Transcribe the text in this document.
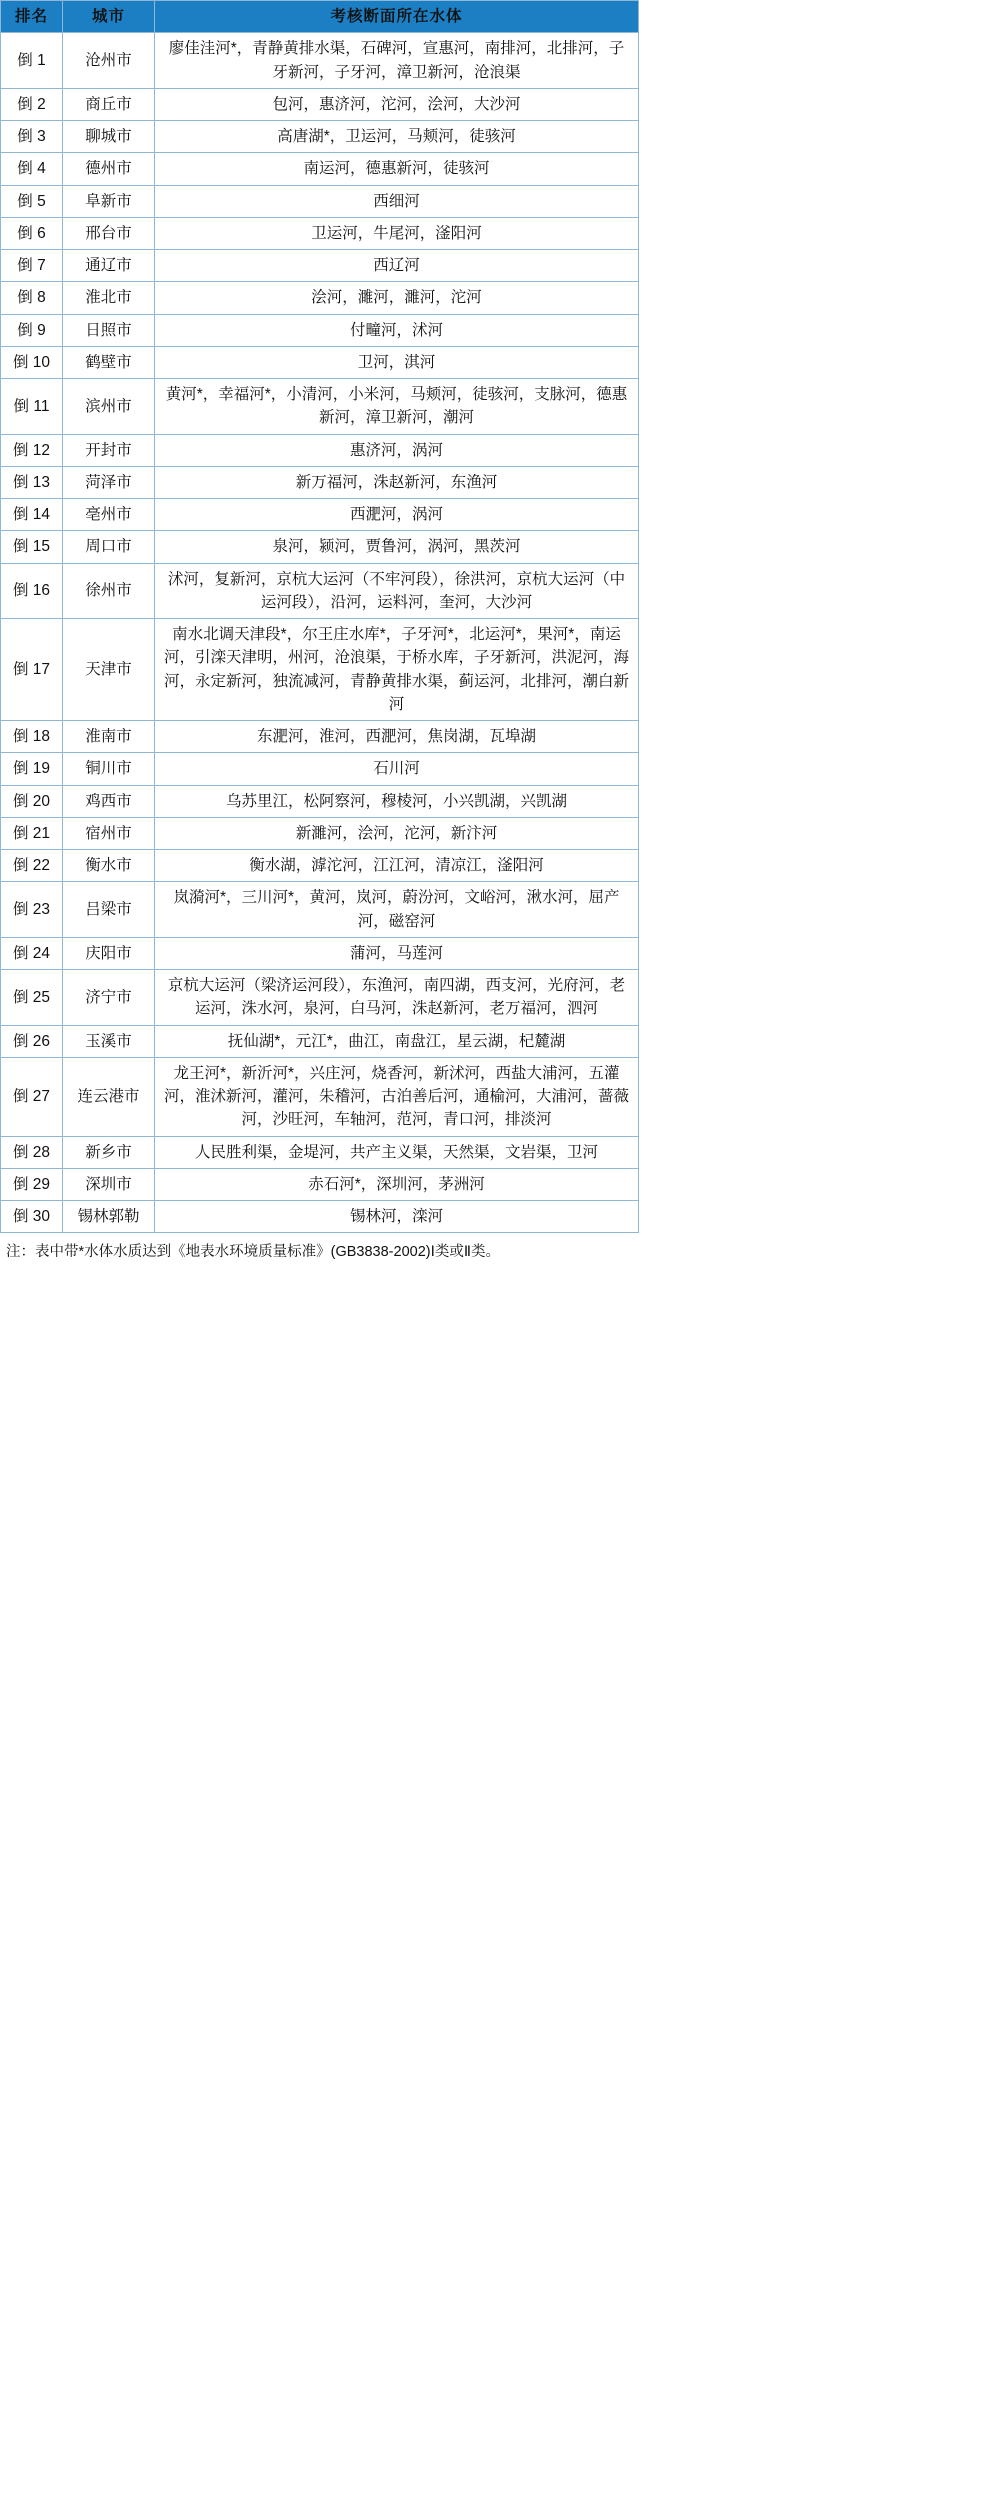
排名	城市	考核断面所在水体
倒 1	沧州市	廖佳洼河*，青静黄排水渠，石碑河，宣惠河，南排河，北排河，子牙新河，子牙河，漳卫新河，沧浪渠
倒 2	商丘市	包河，惠济河，沱河，浍河，大沙河
倒 3	聊城市	高唐湖*，卫运河，马颊河，徒骇河
倒 4	德州市	南运河，德惠新河，徒骇河
倒 5	阜新市	西细河
倒 6	邢台市	卫运河，牛尾河，滏阳河
倒 7	通辽市	西辽河
倒 8	淮北市	浍河，濉河，濉河，沱河
倒 9	日照市	付疃河，沭河
倒 10	鹤壁市	卫河，淇河
倒 11	滨州市	黄河*，幸福河*，小清河，小米河，马颊河，徒骇河，支脉河，德惠新河，漳卫新河，潮河
倒 12	开封市	惠济河，涡河
倒 13	菏泽市	新万福河，洙赵新河，东渔河
倒 14	亳州市	西淝河，涡河
倒 15	周口市	泉河，颍河，贾鲁河，涡河，黑茨河
倒 16	徐州市	沭河，复新河，京杭大运河（不牢河段），徐洪河，京杭大运河（中运河段），沿河，运料河，奎河，大沙河
倒 17	天津市	南水北调天津段*，尔王庄水库*，子牙河*，北运河*，果河*，南运河，引滦天津明，州河，沧浪渠，于桥水库，子牙新河，洪泥河，海河，永定新河，独流减河，青静黄排水渠，蓟运河，北排河，潮白新河
倒 18	淮南市	东淝河，淮河，西淝河，焦岗湖，瓦埠湖
倒 19	铜川市	石川河
倒 20	鸡西市	乌苏里江，松阿察河，穆棱河，小兴凯湖，兴凯湖
倒 21	宿州市	新濉河，浍河，沱河，新汴河
倒 22	衡水市	衡水湖，滹沱河，江江河，清凉江，滏阳河
倒 23	吕梁市	岚漪河*，三川河*，黄河，岚河，蔚汾河，文峪河，湫水河，屈产河，磁窑河
倒 24	庆阳市	蒲河，马莲河
倒 25	济宁市	京杭大运河（梁济运河段），东渔河，南四湖，西支河，光府河，老运河，洙水河，泉河，白马河，洙赵新河，老万福河，泗河
倒 26	玉溪市	抚仙湖*，元江*，曲江，南盘江，星云湖，杞麓湖
倒 27	连云港市	龙王河*，新沂河*，兴庄河，烧香河，新沭河，西盐大浦河，五灌河，淮沭新河，灌河，朱稽河，古泊善后河，通榆河，大浦河，蔷薇河，沙旺河，车轴河，范河，青口河，排淡河
倒 28	新乡市	人民胜利渠，金堤河，共产主义渠，天然渠，文岩渠，卫河
倒 29	深圳市	赤石河*，深圳河，茅洲河
倒 30	锡林郭勒	锡林河，滦河
注：表中带*水体水质达到《地表水环境质量标准》(GB3838-2002)Ⅰ类或Ⅱ类。
